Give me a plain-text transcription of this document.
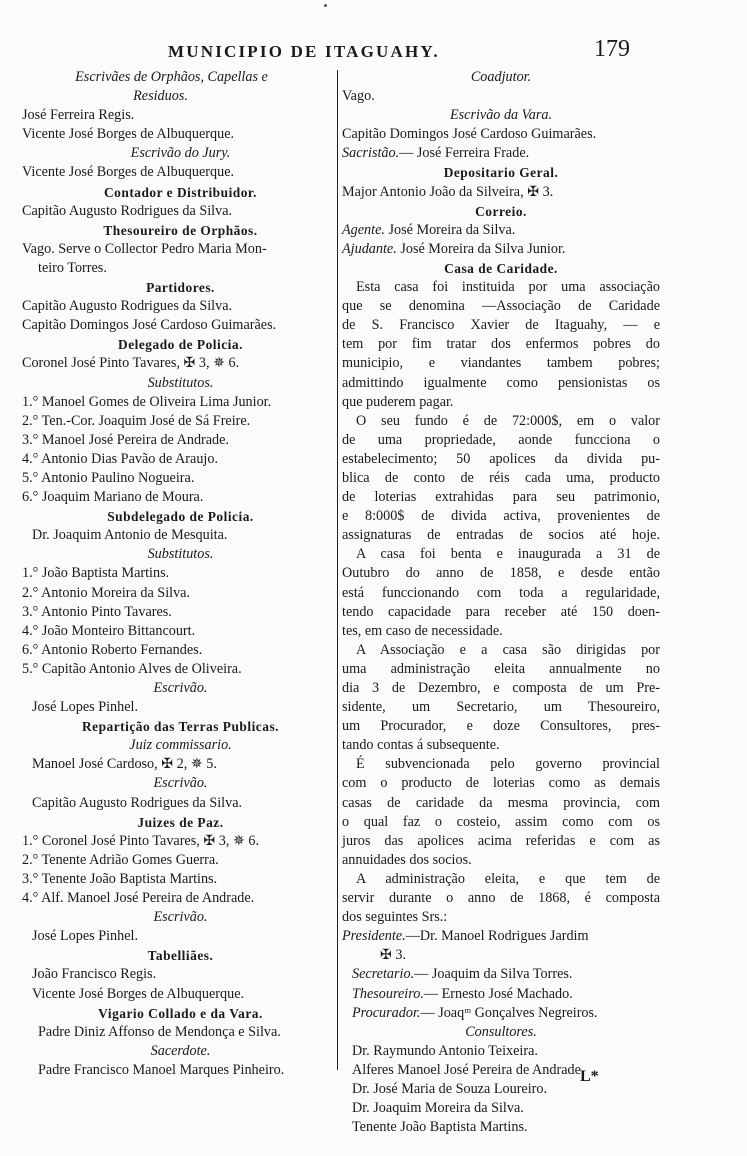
MUNICIPIO DE ITAGUAHY.	179
Escrivães de Orphãos, Capellas e
Residuos.
José Ferreira Regis.
Vicente José Borges de Albuquerque.
Escrivão do Jury.
Vicente José Borges de Albuquerque.
Contador e Distribuidor.
Capitão Augusto Rodrigues da Silva.
Thesoureiro de Orphãos.
Vago. Serve o Collector Pedro Maria Mon-
teiro Torres.
Partidores.
Capitão Augusto Rodrigues da Silva.
Capitão Domingos José Cardoso Guimarães.
Delegado de Policia.
Coronel José Pinto Tavares, ✠ 3, ✵ 6.
Substitutos.
1.° Manoel Gomes de Oliveira Lima Junior.
2.° Ten.-Cor. Joaquim José de Sá Freire.
3.° Manoel José Pereira de Andrade.
4.° Antonio Dias Pavão de Araujo.
5.° Antonio Paulino Nogueira.
6.° Joaquim Mariano de Moura.
Subdelegado de Policia.
Dr. Joaquim Antonio de Mesquita.
Substitutos.
1.° João Baptista Martins.
2.° Antonio Moreira da Silva.
3.° Antonio Pinto Tavares.
4.° João Monteiro Bittancourt.
6.° Antonio Roberto Fernandes.
5.° Capitão Antonio Alves de Oliveira.
Escrivão.
José Lopes Pinhel.
Repartição das Terras Publicas.
Juiz commissario.
Manoel José Cardoso, ✠ 2, ✵ 5.
Escrivão.
Capitão Augusto Rodrigues da Silva.
Juizes de Paz.
1.° Coronel José Pinto Tavares, ✠ 3, ✵ 6.
2.° Tenente Adrião Gomes Guerra.
3.° Tenente João Baptista Martins.
4.° Alf. Manoel José Pereira de Andrade.
Escrivão.
José Lopes Pinhel.
Tabelliães.
João Francisco Regis.
Vicente José Borges de Albuquerque.
Vigario Collado e da Vara.
Padre Diniz Affonso de Mendonça e Silva.
Sacerdote.
Padre Francisco Manoel Marques Pinheiro.
Coadjutor.
Vago.
Escrivão da Vara.
Capitão Domingos José Cardoso Guimarães.
Sacristão.— José Ferreira Frade.
Depositario Geral.
Major Antonio João da Silveira, ✠ 3.
Correio.
Agente. José Moreira da Silva.
Ajudante. José Moreira da Silva Junior.
Casa de Caridade.
Esta casa foi instituida por uma associação
que se denomina —Associação de Caridade
de S. Francisco Xavier de Itaguahy, — e
tem por fim tratar dos enfermos pobres do
municipio, e viandantes tambem pobres;
admittindo igualmente como pensionistas os
que puderem pagar.
O seu fundo é de 72:000$, em o valor
de uma propriedade, aonde funcciona o
estabelecimento; 50 apolices da divida pu-
blica de conto de réis cada uma, producto
de loterias extrahidas para seu patrimonio,
e 8:000$ de divida activa, provenientes de
assignaturas de entradas de socios até hoje.
A casa foi benta e inaugurada a 31 de
Outubro do anno de 1858, e desde então
está funccionando com toda a regularidade,
tendo capacidade para receber até 150 doen-
tes, em caso de necessidade.
A Associação e a casa são dirigidas por
uma administração eleita annualmente no
dia 3 de Dezembro, e composta de um Pre-
sidente, um Secretario, um Thesoureiro,
um Procurador, e doze Consultores, pres-
tando contas á subsequente.
É subvencionada pelo governo provincial
com o producto de loterias como as demais
casas de caridade da mesma provincia, com
o qual faz o costeio, assim como com os
juros das apolices acima referidas e com as
annuidades dos socios.
A administração eleita, e que tem de
servir durante o anno de 1868, é composta
dos seguintes Srs.:
Presidente.—Dr. Manoel Rodrigues Jardim
✠ 3.
Secretario.— Joaquim da Silva Torres.
Thesoureiro.— Ernesto José Machado.
Procurador.— Joaqᵐ Gonçalves Negreiros.
Consultores.
Dr. Raymundo Antonio Teixeira.
Alferes Manoel José Pereira de Andrade.
Dr. José Maria de Souza Loureiro.
Dr. Joaquim Moreira da Silva.
Tenente João Baptista Martins.
L*
